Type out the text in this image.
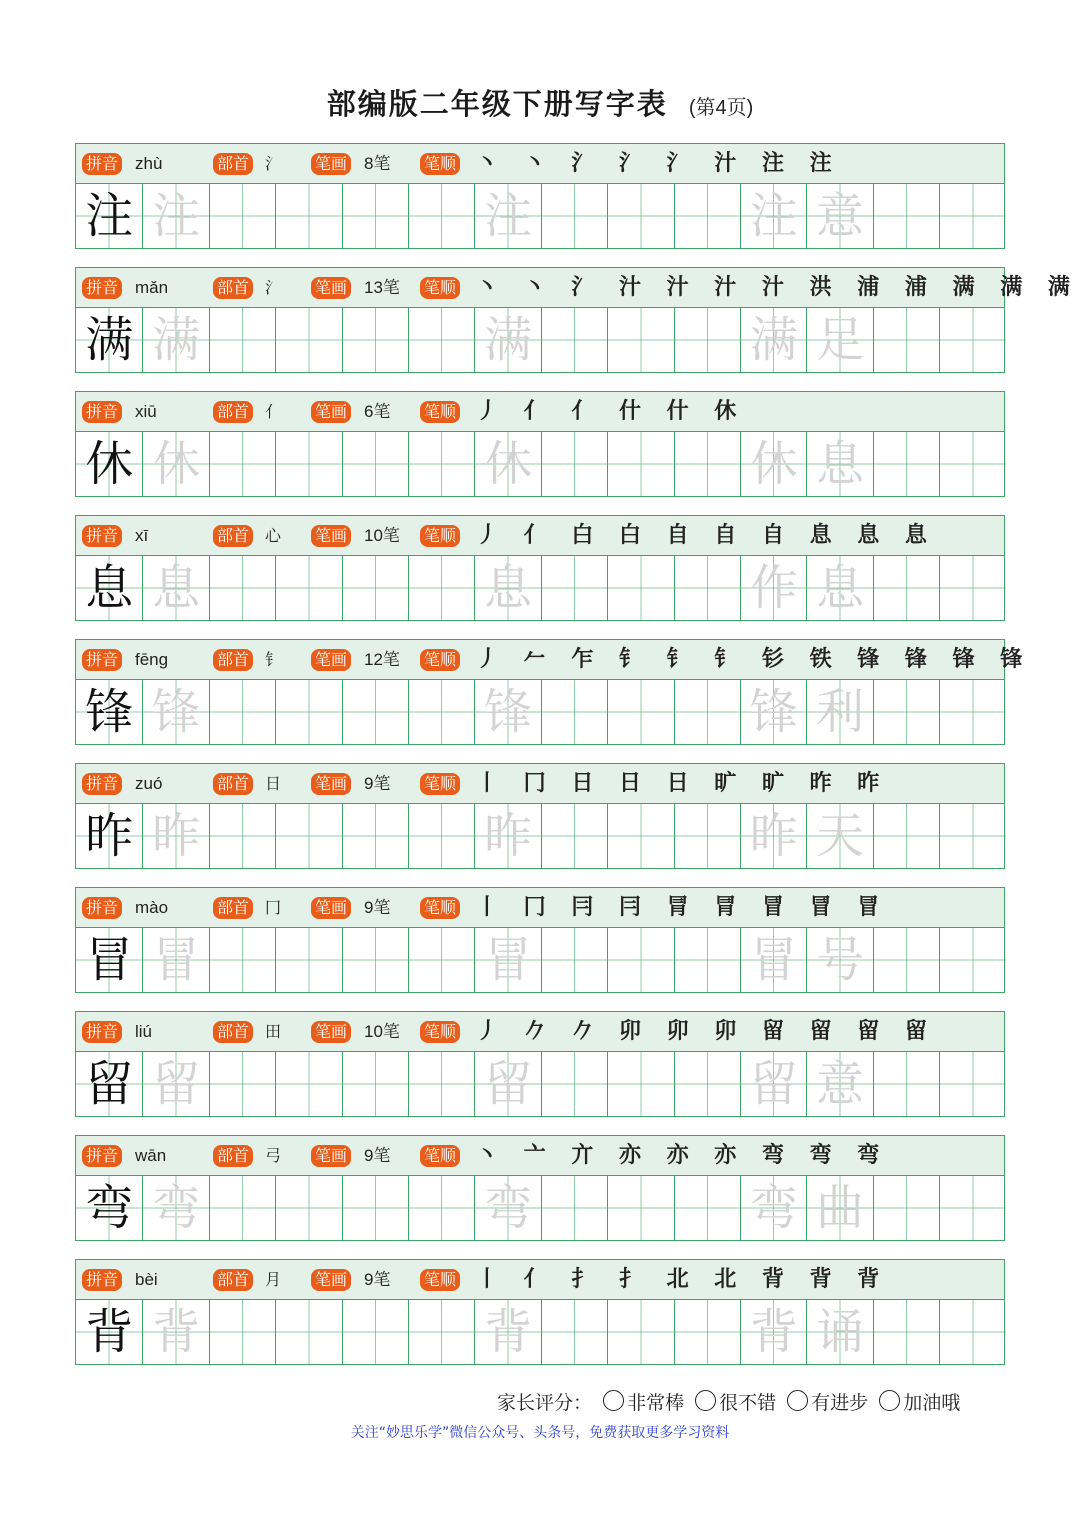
部编版二年级下册写字表 (第4页)
拼音 zhù	部首 氵 笔画 8笔 笔顺 丶 丶 氵 氵 氵 汁 注 注
注 注	注	注 意
拼音 mǎn	部首 氵 笔画 13笔 笔顺 丶 丶 氵 汁 汁 汁 汁 洪 浦 浦 满 满 满
满 满	满	满 足
拼音 xiū	部首 亻 笔画 6笔 笔顺 丿 亻 亻 什 什 休
休 休	休	休 息
拼音 xī	部首 心 笔画 10笔 笔顺 丿 亻 白 白 自 自 自 息 息 息
息 息	息	作 息
拼音 fēng	部首 钅 笔画 12笔 笔顺 丿 𠂉 乍 钅 钅 钅 钐 铁 锋 锋 锋 锋
锋 锋	锋	锋 利
拼音 zuó	部首 日 笔画 9笔 笔顺 丨 冂 日 日 日 旷 旷 昨 昨
昨 昨	昨	昨 天
拼音 mào	部首 冂 笔画 9笔 笔顺 丨 冂 冃 冃 冐 冐 冒 冒 冒
冒 冒	冒	冒 号
拼音 liú	部首 田 笔画 10笔 笔顺 丿 𠂊 𠂊 卯 卯 卯 留 留 留 留
留 留	留	留 意
拼音 wān	部首 弓 笔画 9笔 笔顺 丶 亠 亣 亦 亦 亦 弯 弯 弯
弯 弯	弯	弯 曲
拼音 bèi	部首 月 笔画 9笔 笔顺 丨 亻 扌 扌 北 北 背 背 背
背 背	背	背 诵
家长评分： 非常棒 很不错 有进步 加油哦
关注“妙思乐学”微信公众号、头条号，免费获取更多学习资料
